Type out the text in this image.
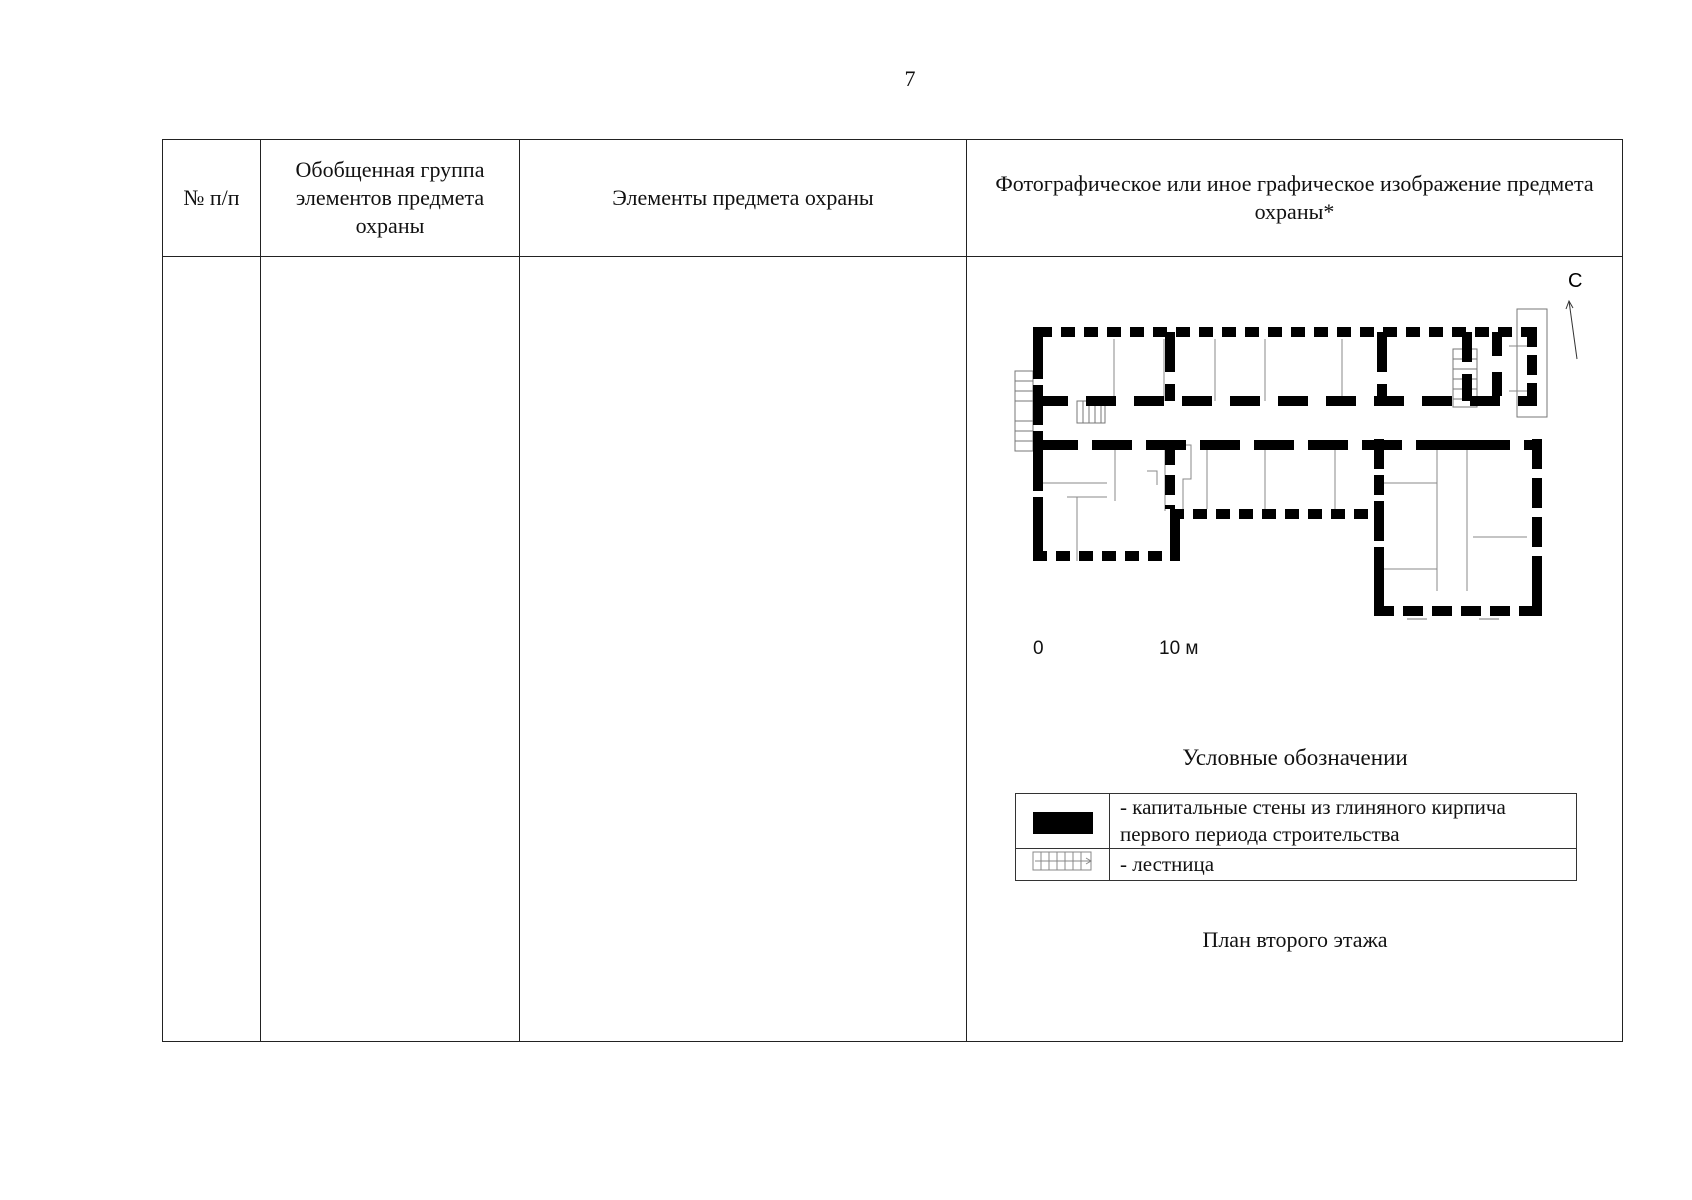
7
№ п/п	Обобщенная группа элементов предмета охраны	Элементы предмета охраны	Фотографическое или иное графическое изображение предмета охраны*

С
0	10 м
Условные обозначении
	- капитальные стены из глиняного кирпича первого периода строительства
	- лестница
План второго этажа
